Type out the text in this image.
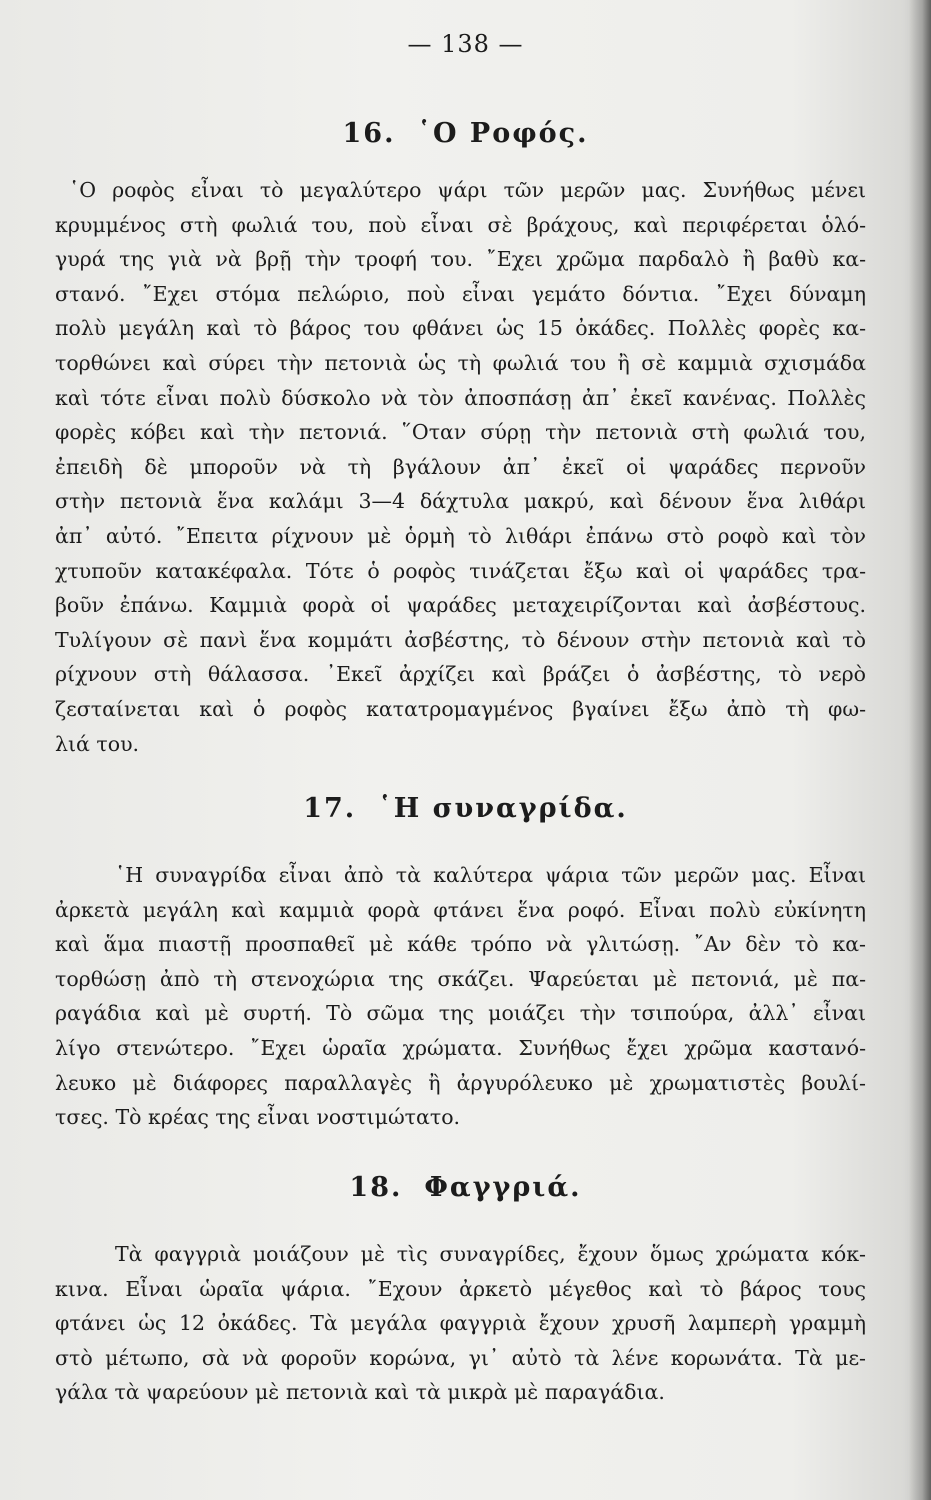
— 138 —
16. ῾Ο Ροφός.
῾Ο ροφὸς εἶναι τὸ μεγαλύτερο ψάρι τῶν μερῶν μας. Συνήθως μένει
κρυμμένος στὴ φωλιά του, ποὺ εἶναι σὲ βράχους, καὶ περιφέρεται ὁλό-
γυρά της γιὰ νὰ βρῇ τὴν τροφή του. ῎Εχει χρῶμα παρδαλὸ ἢ βαθὺ κα-
στανό. ῎Εχει στόμα πελώριο, ποὺ εἶναι γεμάτο δόντια. ῎Εχει δύναμη
πολὺ μεγάλη καὶ τὸ βάρος του φθάνει ὡς 15 ὀκάδες. Πολλὲς φορὲς κα-
τορθώνει καὶ σύρει τὴν πετονιὰ ὡς τὴ φωλιά του ἢ σὲ καμμιὰ σχισμάδα
καὶ τότε εἶναι πολὺ δύσκολο νὰ τὸν ἀποσπάσῃ ἀπ᾿ ἐκεῖ κανένας. Πολλὲς
φορὲς κόβει καὶ τὴν πετονιά. ῞Οταν σύρῃ τὴν πετονιὰ στὴ φωλιά του,
ἐπειδὴ δὲ μποροῦν νὰ τὴ βγάλουν ἀπ᾿ ἐκεῖ οἱ ψαράδες περνοῦν
στὴν πετονιὰ ἕνα καλάμι 3—4 δάχτυλα μακρύ, καὶ δένουν ἕνα λιθάρι
ἀπ᾿ αὐτό. ῎Επειτα ρίχνουν μὲ ὁρμὴ τὸ λιθάρι ἐπάνω στὸ ροφὸ καὶ τὸν
χτυποῦν κατακέφαλα. Τότε ὁ ροφὸς τινάζεται ἔξω καὶ οἱ ψαράδες τρα-
βοῦν ἐπάνω. Καμμιὰ φορὰ οἱ ψαράδες μεταχειρίζονται καὶ ἀσβέστους.
Τυλίγουν σὲ πανὶ ἕνα κομμάτι ἀσβέστης, τὸ δένουν στὴν πετονιὰ καὶ τὸ
ρίχνουν στὴ θάλασσα. ᾿Εκεῖ ἀρχίζει καὶ βράζει ὁ ἀσβέστης, τὸ νερὸ
ζεσταίνεται καὶ ὁ ροφὸς κατατρομαγμένος βγαίνει ἔξω ἀπὸ τὴ φω-
λιά του.
17. ῾Η συναγρίδα.
῾Η συναγρίδα εἶναι ἀπὸ τὰ καλύτερα ψάρια τῶν μερῶν μας. Εἶναι
ἀρκετὰ μεγάλη καὶ καμμιὰ φορὰ φτάνει ἕνα ροφό. Εἶναι πολὺ εὐκίνητη
καὶ ἅμα πιαστῇ προσπαθεῖ μὲ κάθε τρόπο νὰ γλιτώσῃ. ῎Αν δὲν τὸ κα-
τορθώσῃ ἀπὸ τὴ στενοχώρια της σκάζει. Ψαρεύεται μὲ πετονιά, μὲ πα-
ραγάδια καὶ μὲ συρτή. Τὸ σῶμα της μοιάζει τὴν τσιπούρα, ἀλλ᾿ εἶναι
λίγο στενώτερο. ῎Εχει ὡραῖα χρώματα. Συνήθως ἔχει χρῶμα καστανό-
λευκο μὲ διάφορες παραλλαγὲς ἢ ἀργυρόλευκο μὲ χρωματιστὲς βουλί-
τσες. Τὸ κρέας της εἶναι νοστιμώτατο.
18. Φαγγριά.
Τὰ φαγγριὰ μοιάζουν μὲ τὶς συναγρίδες, ἔχουν ὅμως χρώματα κόκ-
κινα. Εἶναι ὡραῖα ψάρια. ῎Εχουν ἀρκετὸ μέγεθος καὶ τὸ βάρος τους
φτάνει ὡς 12 ὀκάδες. Τὰ μεγάλα φαγγριὰ ἔχουν χρυσῆ λαμπερὴ γραμμὴ
στὸ μέτωπο, σὰ νὰ φοροῦν κορώνα, γι᾿ αὐτὸ τὰ λένε κορωνάτα. Τὰ με-
γάλα τὰ ψαρεύουν μὲ πετονιὰ καὶ τὰ μικρὰ μὲ παραγάδια.
